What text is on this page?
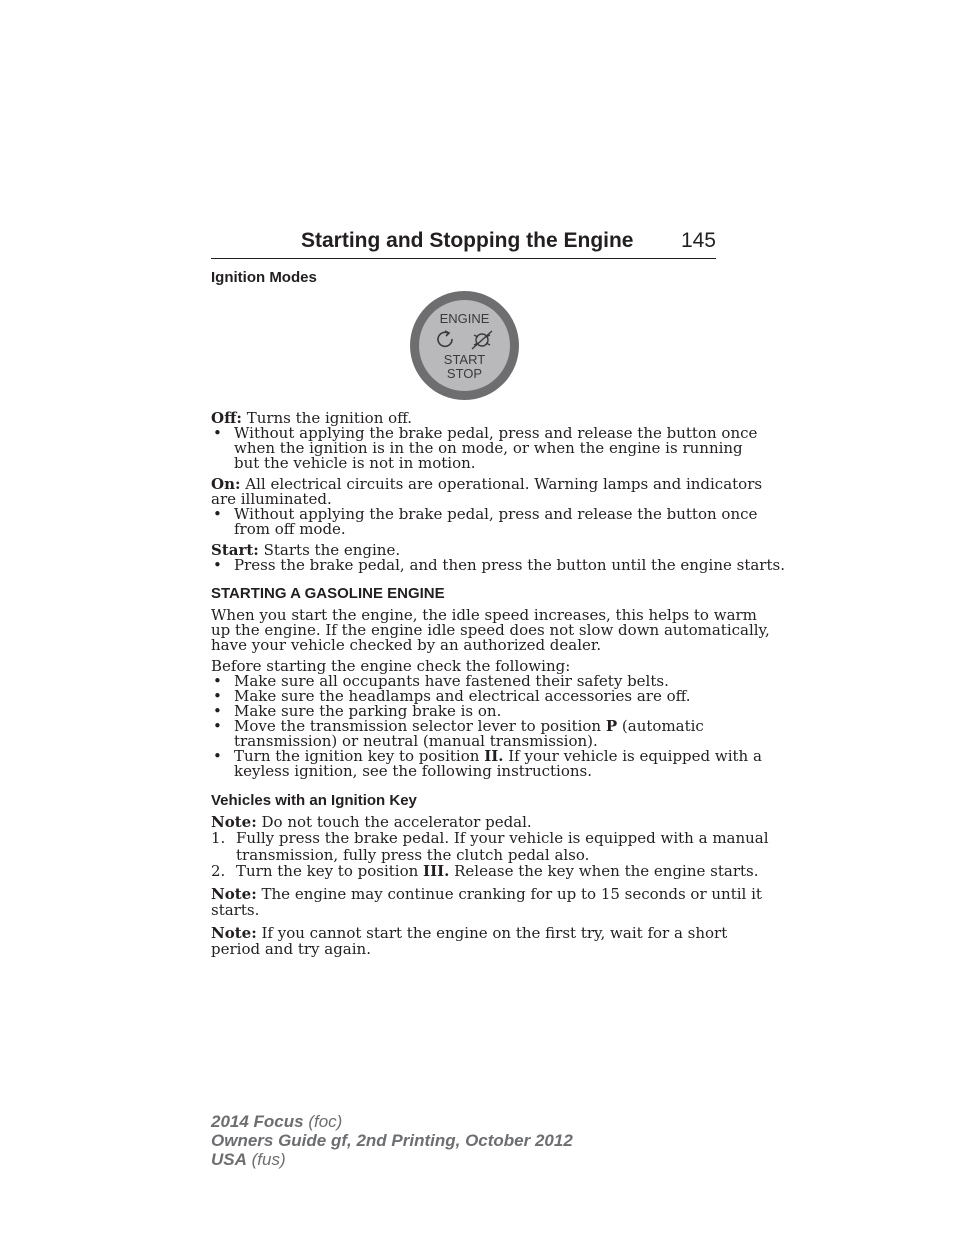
Starting and Stopping the Engine 145
Ignition Modes
ENGINE
START
STOP
Off: Turns the ignition off.
• Without applying the brake pedal, press and release the button once
when the ignition is in the on mode, or when the engine is running
but the vehicle is not in motion.
On: All electrical circuits are operational. Warning lamps and indicators
are illuminated.
• Without applying the brake pedal, press and release the button once
from off mode.
Start: Starts the engine.
• Press the brake pedal, and then press the button until the engine starts.
STARTING A GASOLINE ENGINE
When you start the engine, the idle speed increases, this helps to warm
up the engine. If the engine idle speed does not slow down automatically,
have your vehicle checked by an authorized dealer.
Before starting the engine check the following:
• Make sure all occupants have fastened their safety belts.
• Make sure the headlamps and electrical accessories are off.
• Make sure the parking brake is on.
• Move the transmission selector lever to position P (automatic
transmission) or neutral (manual transmission).
• Turn the ignition key to position II. If your vehicle is equipped with a
keyless ignition, see the following instructions.
Vehicles with an Ignition Key
Note: Do not touch the accelerator pedal.
1. Fully press the brake pedal. If your vehicle is equipped with a manual
transmission, fully press the clutch pedal also.
2. Turn the key to position III. Release the key when the engine starts.
Note: The engine may continue cranking for up to 15 seconds or until it
starts.
Note: If you cannot start the engine on the first try, wait for a short
period and try again.
2014 Focus (foc)
Owners Guide gf, 2nd Printing, October 2012
USA (fus)
